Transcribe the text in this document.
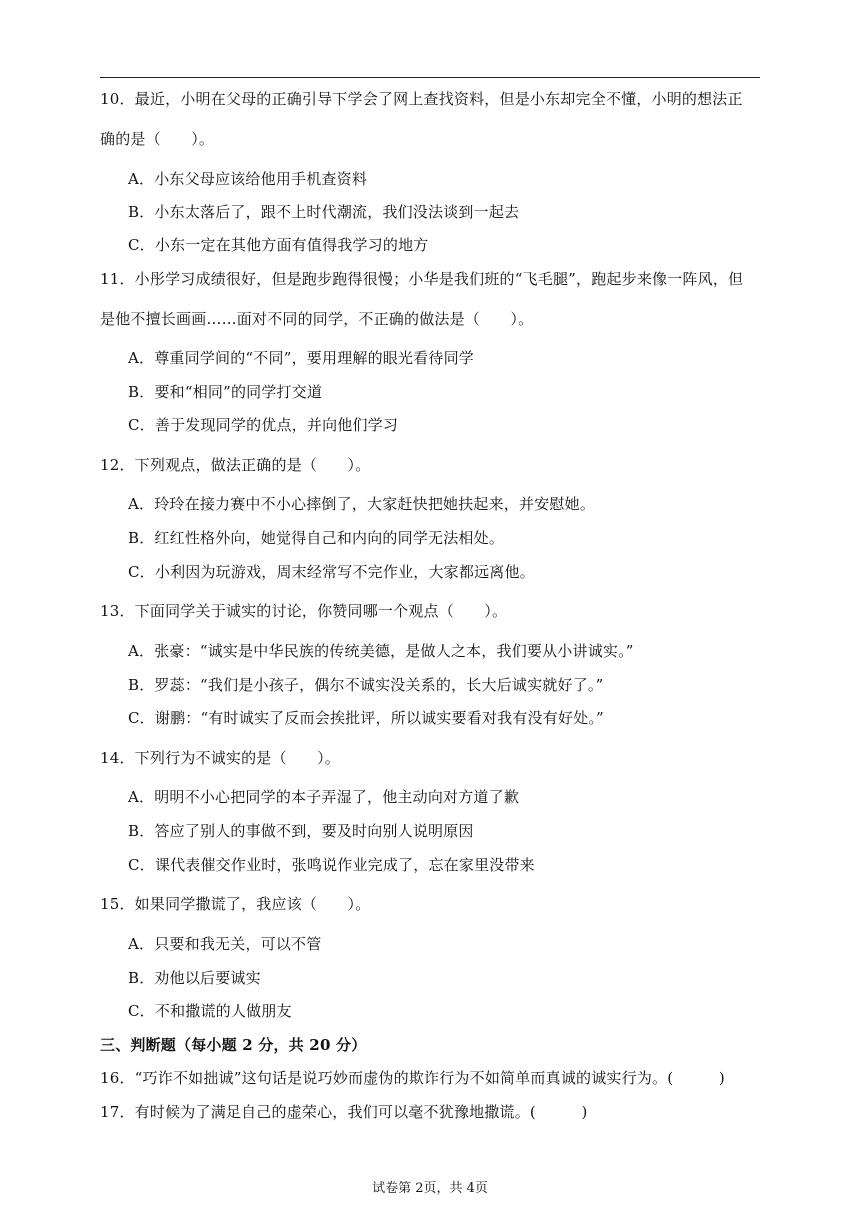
10．最近，小明在父母的正确引导下学会了网上查找资料，但是小东却完全不懂，小明的想法正
确的是（　　）。
A．小东父母应该给他用手机查资料
B．小东太落后了，跟不上时代潮流，我们没法谈到一起去
C．小东一定在其他方面有值得我学习的地方
11．小彤学习成绩很好，但是跑步跑得很慢；小华是我们班的“飞毛腿”，跑起步来像一阵风，但
是他不擅长画画……面对不同的同学，不正确的做法是（　　）。
A．尊重同学间的“不同”，要用理解的眼光看待同学
B．要和“相同”的同学打交道
C．善于发现同学的优点，并向他们学习
12．下列观点，做法正确的是（　　）。
A．玲玲在接力赛中不小心摔倒了，大家赶快把她扶起来，并安慰她。
B．红红性格外向，她觉得自己和内向的同学无法相处。
C．小利因为玩游戏，周末经常写不完作业，大家都远离他。
13．下面同学关于诚实的讨论，你赞同哪一个观点（　　）。
A．张豪：“诚实是中华民族的传统美德，是做人之本，我们要从小讲诚实。”
B．罗蕊：“我们是小孩子，偶尔不诚实没关系的，长大后诚实就好了。”
C．谢鹏：“有时诚实了反而会挨批评，所以诚实要看对我有没有好处。”
14．下列行为不诚实的是（　　）。
A．明明不小心把同学的本子弄湿了，他主动向对方道了歉
B．答应了别人的事做不到，要及时向别人说明原因
C．课代表催交作业时，张鸣说作业完成了，忘在家里没带来
15．如果同学撒谎了，我应该（　　）。
A．只要和我无关，可以不管
B．劝他以后要诚实
C．不和撒谎的人做朋友
三、判断题（每小题 2 分，共 20 分）
16．“巧诈不如拙诚”这句话是说巧妙而虚伪的欺诈行为不如简单而真诚的诚实行为。(　　　)
17．有时候为了满足自己的虚荣心，我们可以毫不犹豫地撒谎。(　　　)
试卷第 2页，共 4页
